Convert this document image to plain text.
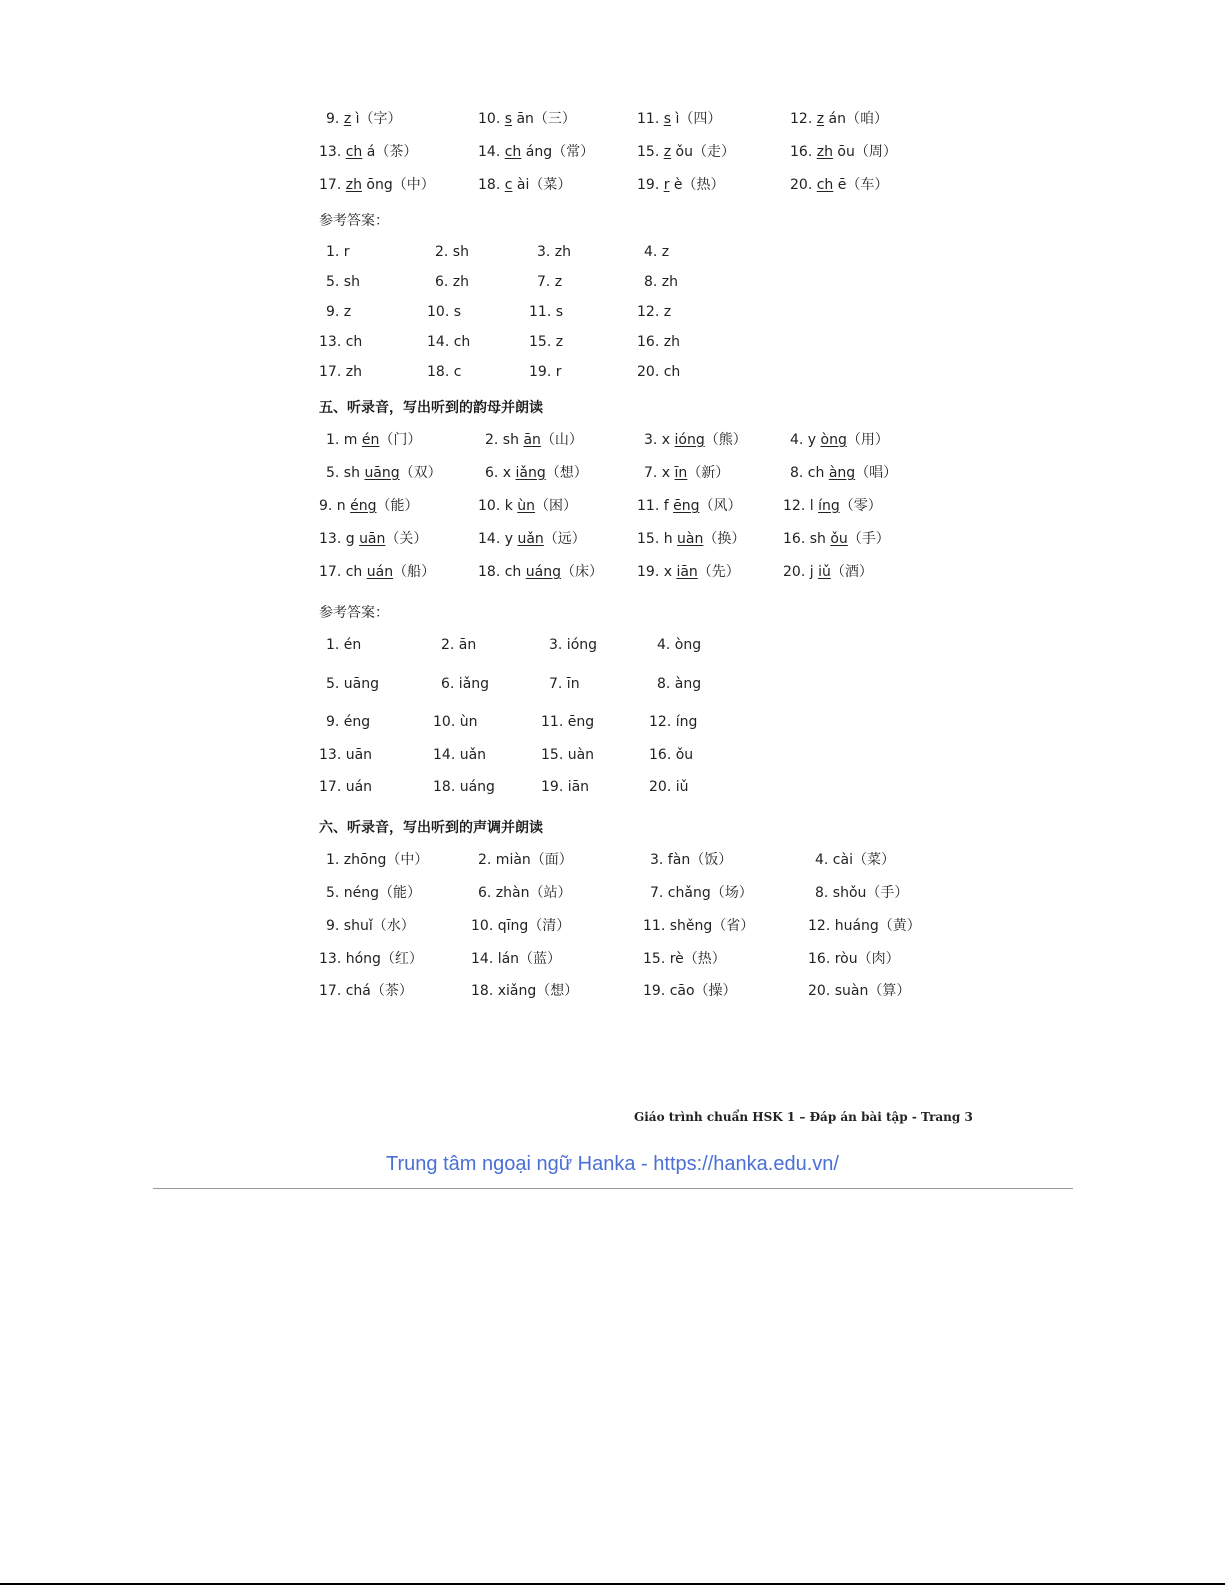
9. z ì（字）	10. s ān（三）	11. s ì（四）	12. z án（咱）
13. ch á（茶）	14. ch áng（常）	15. z ǒu（走）	16. zh ōu（周）
17. zh ōng（中）	18. c ài（菜）	19. r è（热）	20. ch ē（车）
参考答案：
1. r	2. sh	3. zh	4. z
5. sh	6. zh	7. z	8. zh
9. z	10. s	11. s	12. z
13. ch	14. ch	15. z	16. zh
17. zh	18. c	19. r	20. ch
五、听录音，写出听到的韵母并朗读
1. m én（门）	2. sh ān（山）	3. x ióng（熊）	4. y òng（用）
5. sh uāng（双）	6. x iǎng（想）	7. x īn（新）	8. ch àng（唱）
9. n éng（能）	10. k ùn（困）	11. f ēng（风）	12. l íng（零）
13. g uān（关）	14. y uǎn（远）	15. h uàn（换）	16. sh ǒu（手）
17. ch uán（船）	18. ch uáng（床） 19. x iān（先）	20. j iǔ（酒）
参考答案：
1. én	2. ān	3. ióng	4. òng
5. uāng	6. iǎng	7. īn	8. àng
9. éng	10. ùn	11. ēng	12. íng
13. uān	14. uǎn	15. uàn	16. ǒu
17. uán	18. uáng	19. iān	20. iǔ
六、听录音，写出听到的声调并朗读
1. zhōng（中）	2. miàn（面）	3. fàn（饭）	4. cài（菜）
5. néng（能）	6. zhàn（站）	7. chǎng（场）	8. shǒu（手）
9. shuǐ（水）	10. qīng（清）	11. shěng（省）	12. huáng（黄）
13. hóng（红）	14. lán（蓝）	15. rè（热）	16. ròu（肉）
17. chá（茶）	18. xiǎng（想）	19. cāo（操）	20. suàn（算）
Giáo trình chuẩn HSK 1 – Đáp án bài tập - Trang 3
Trung tâm ngoại ngữ Hanka - https://hanka.edu.vn/
